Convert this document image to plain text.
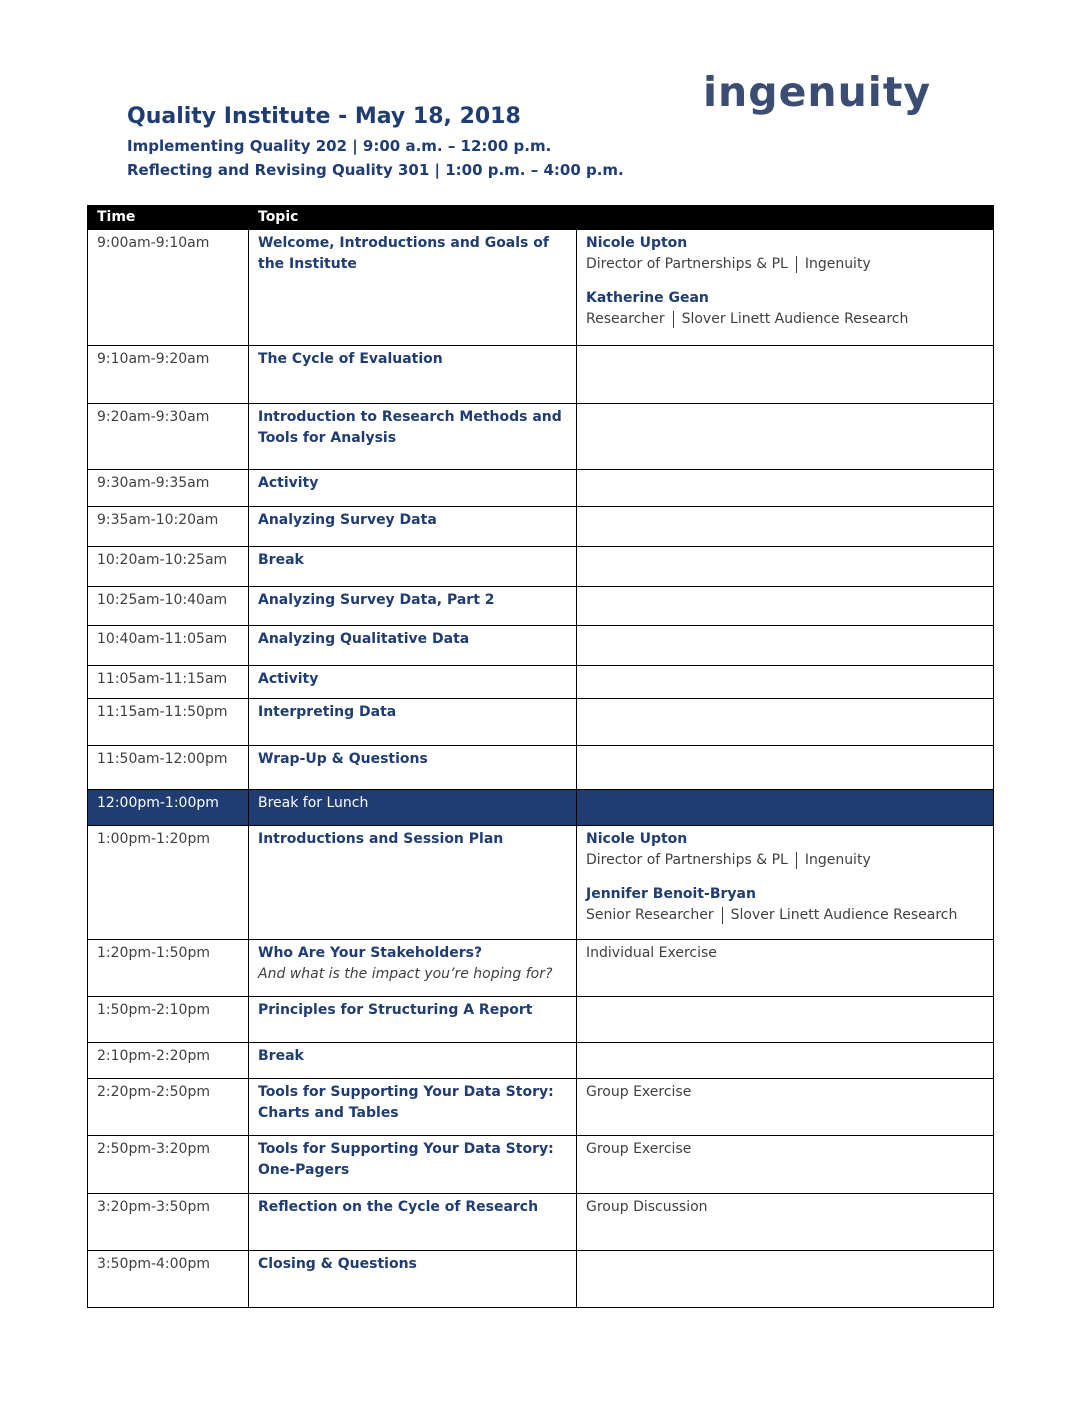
ingenuity

Quality Institute - May 18, 2018

Implementing Quality 202 | 9:00 a.m. – 12:00 p.m.

Reflecting and Revising Quality 301 | 1:00 p.m. – 4:00 p.m.

Time	Topic	
9:00am-9:10am	Welcome, Introductions and Goals of the Institute	Nicole Upton
Director of Partnerships & PL Ingenuity
Katherine Gean
Researcher Slover Linett Audience Research

9:10am-9:20am	The Cycle of Evaluation	
9:20am-9:30am	Introduction to Research Methods and Tools for Analysis	
9:30am-9:35am	Activity	
9:35am-10:20am	Analyzing Survey Data	
10:20am-10:25am	Break	
10:25am-10:40am	Analyzing Survey Data, Part 2	
10:40am-11:05am	Analyzing Qualitative Data	
11:05am-11:15am	Activity	
11:15am-11:50pm	Interpreting Data	
11:50am-12:00pm	Wrap-Up & Questions	
12:00pm-1:00pm	Break for Lunch	
1:00pm-1:20pm	Introductions and Session Plan	Nicole Upton
Director of Partnerships & PL Ingenuity
Jennifer Benoit-Bryan
Senior Researcher Slover Linett Audience Research

1:20pm-1:50pm	Who Are Your Stakeholders?
And what is the impact you’re hoping for?	Individual Exercise
1:50pm-2:10pm	Principles for Structuring A Report	
2:10pm-2:20pm	Break	
2:20pm-2:50pm	Tools for Supporting Your Data Story: Charts and Tables	Group Exercise
2:50pm-3:20pm	Tools for Supporting Your Data Story: One-Pagers	Group Exercise
3:20pm-3:50pm	Reflection on the Cycle of Research	Group Discussion
3:50pm-4:00pm	Closing & Questions	
